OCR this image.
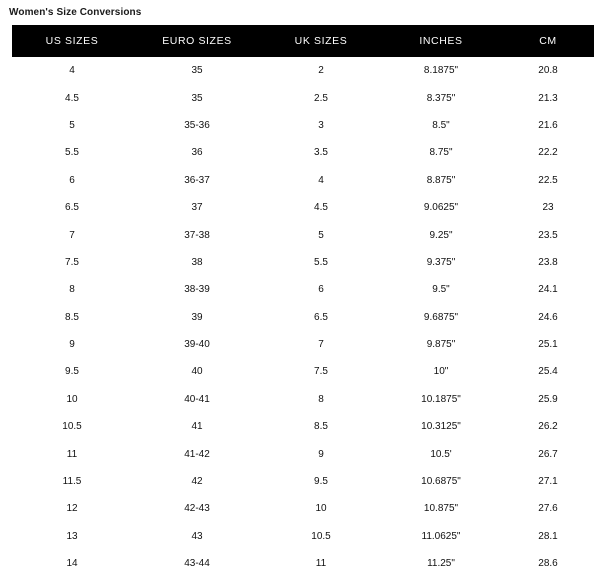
Women's Size Conversions
US SIZES	EURO SIZES	UK SIZES	INCHES	CM
4	35	2	8.1875"	20.8
4.5	35	2.5	8.375"	21.3
5	35-36	3	8.5"	21.6
5.5	36	3.5	8.75"	22.2
6	36-37	4	8.875"	22.5
6.5	37	4.5	9.0625"	23
7	37-38	5	9.25"	23.5
7.5	38	5.5	9.375"	23.8
8	38-39	6	9.5"	24.1
8.5	39	6.5	9.6875"	24.6
9	39-40	7	9.875"	25.1
9.5	40	7.5	10"	25.4
10	40-41	8	10.1875"	25.9
10.5	41	8.5	10.3125"	26.2
11	41-42	9	10.5'	26.7
11.5	42	9.5	10.6875"	27.1
12	42-43	10	10.875"	27.6
13	43	10.5	11.0625"	28.1
14	43-44	11	11.25"	28.6
